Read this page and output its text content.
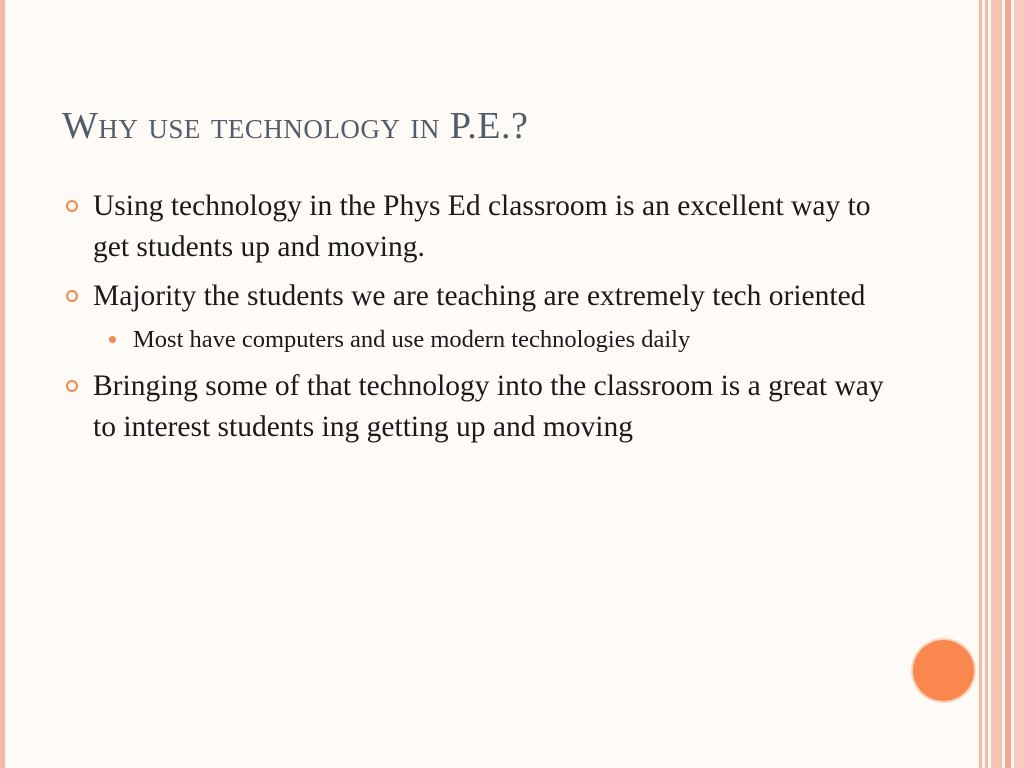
Why use technology in P.E.?
Using technology in the Phys Ed classroom is an excellent way to get students up and moving.
Majority the students we are teaching are extremely tech oriented
Most have computers and use modern technologies daily
Bringing some of that technology into the classroom is a great way to interest students ing getting up and moving
